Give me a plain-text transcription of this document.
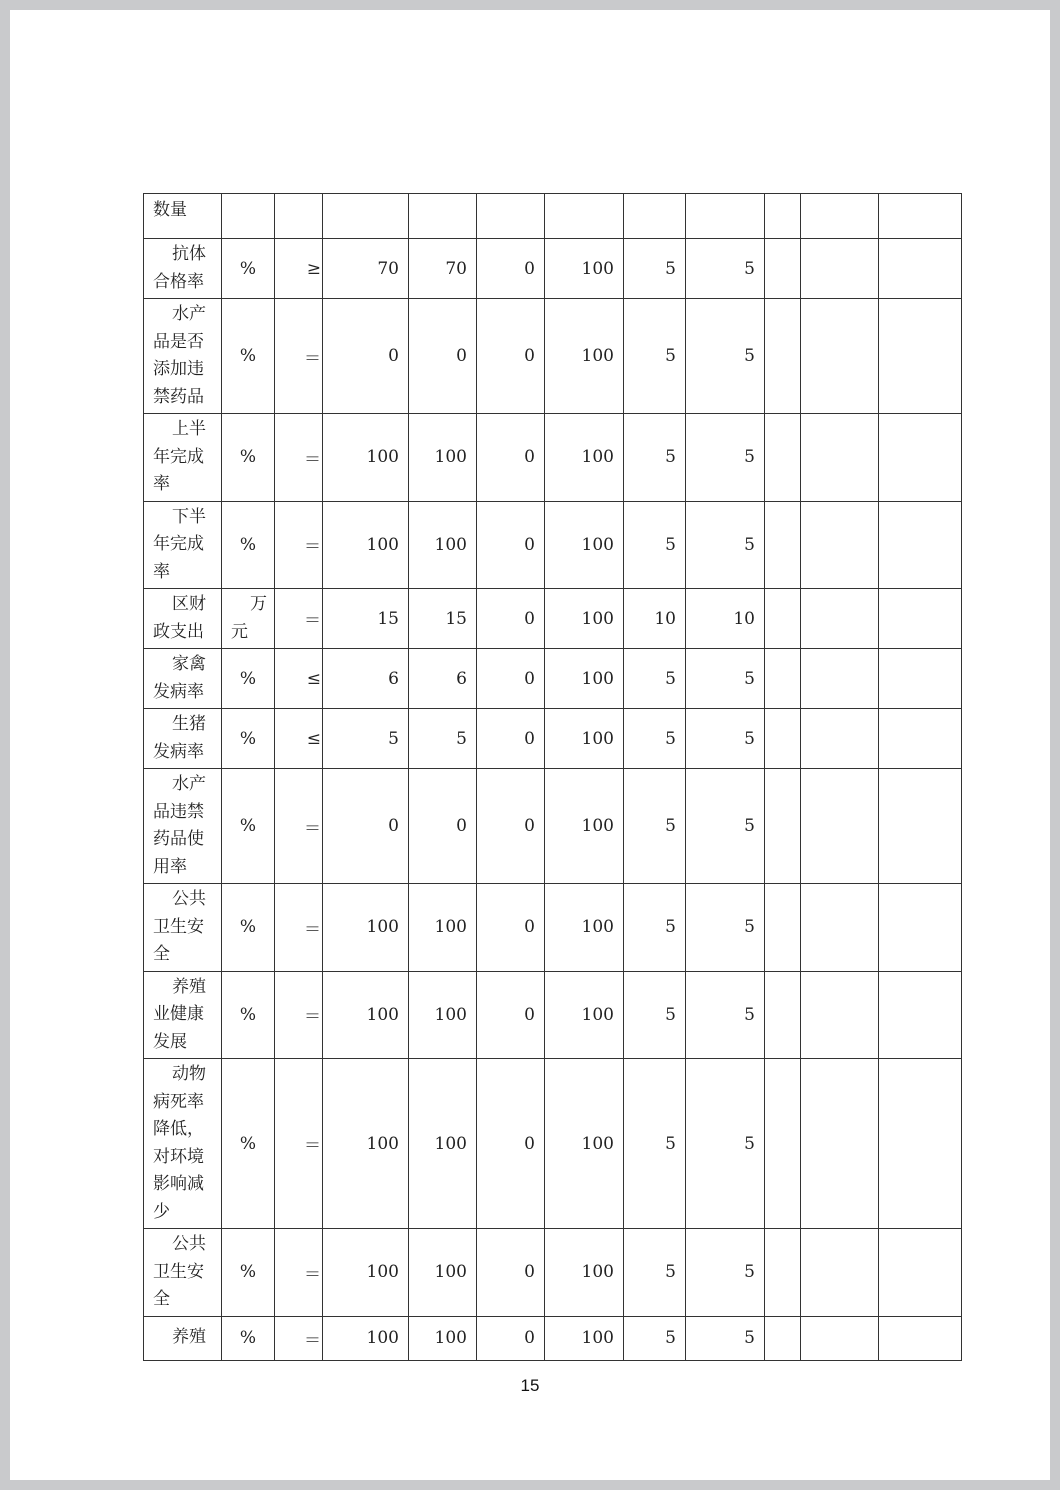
数量											
抗体合格率	%	≥	70	70	0	100	5	5			
水产品是否添加违禁药品	%	＝	0	0	0	100	5	5			
上半年完成率	%	＝	100	100	0	100	5	5			
下半年完成率	%	＝	100	100	0	100	5	5			
区财政支出	万元	＝	15	15	0	100	10	10			
家禽发病率	%	≤	6	6	0	100	5	5			
生猪发病率	%	≤	5	5	0	100	5	5			
水产品违禁药品使用率	%	＝	0	0	0	100	5	5			
公共卫生安全	%	＝	100	100	0	100	5	5			
养殖业健康发展	%	＝	100	100	0	100	5	5			
动物病死率降低，对环境影响减少	%	＝	100	100	0	100	5	5			
公共卫生安全	%	＝	100	100	0	100	5	5			
养殖	%	＝	100	100	0	100	5	5			
15
